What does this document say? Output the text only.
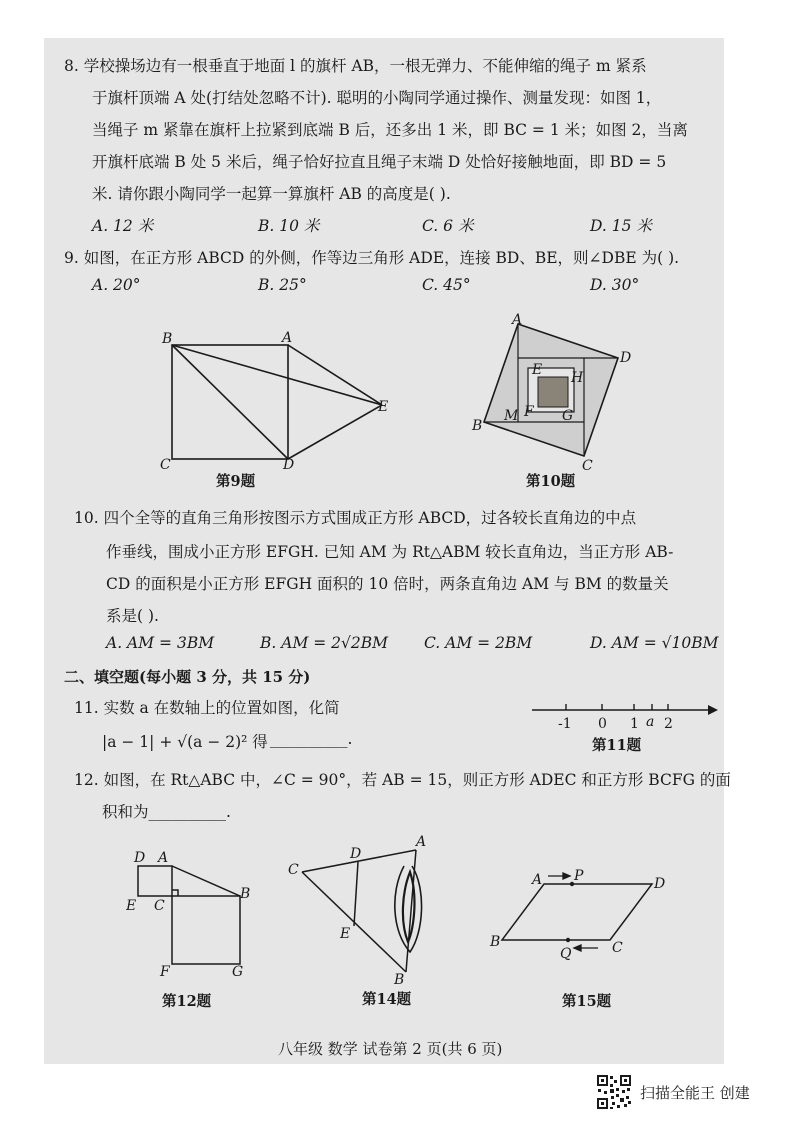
8. 学校操场边有一根垂直于地面 l 的旗杆 AB，一根无弹力、不能伸缩的绳子 m 紧系
于旗杆顶端 A 处(打结处忽略不计). 聪明的小陶同学通过操作、测量发现：如图 1，
当绳子 m 紧靠在旗杆上拉紧到底端 B 后，还多出 1 米，即 BC = 1 米；如图 2，当离
开旗杆底端 B 处 5 米后，绳子恰好拉直且绳子末端 D 处恰好接触地面，即 BD = 5
米. 请你跟小陶同学一起算一算旗杆 AB 的高度是( ).
A. 12 米	B. 10 米	C. 6 米	D. 15 米
9. 如图，在正方形 ABCD 的外侧，作等边三角形 ADE，连接 BD、BE，则∠DBE 为( ).
A. 20°	B. 25°	C. 45°	D. 30°
B	A
E
C	D
第9题
E H
F
M	G
A
D
B
C
第10题
10. 四个全等的直角三角形按图示方式围成正方形 ABCD，过各较长直角边的中点
作垂线，围成小正方形 EFGH. 已知 AM 为 Rt△ABM 较长直角边，当正方形 AB-
CD 的面积是小正方形 EFGH 面积的 10 倍时，两条直角边 AM 与 BM 的数量关
系是( ).
A. AM = 3BM	B. AM = 2√2BM C. AM = 2BM	D. AM = √10BM
二、填空题(每小题 3 分，共 15 分)
11. 实数 a 在数轴上的位置如图，化简
|a − 1| + √(a − 2)² 得 __________.
-1 0 1 a 2
第11题
12. 如图，在 Rt△ABC 中，∠C = 90°，若 AB = 15，则正方形 ADEC 和正方形 BCFG 的面
积和为__________.
D A
E C
B
F	G
第12题
C
D
A
E
B
第14题
A P	D
B
Q	C
第15题
八年级 数学 试卷第 2 页(共 6 页)
扫描全能王 创建
